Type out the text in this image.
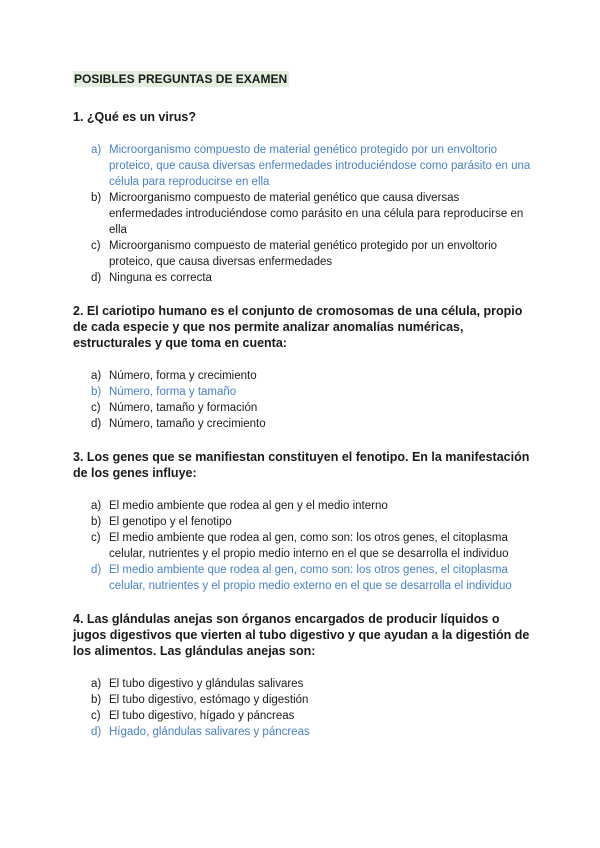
POSIBLES PREGUNTAS DE EXAMEN

1. ¿Qué es un virus?

a) Microorganismo compuesto de material genético protegido por un envoltorio proteico, que causa diversas enfermedades introduciéndose como parásito en una célula para reproducirse en ella
b) Microorganismo compuesto de material genético que causa diversas enfermedades introduciéndose como parásito en una célula para reproducirse en ella
c) Microorganismo compuesto de material genético protegido por un envoltorio proteico, que causa diversas enfermedades
d) Ninguna es correcta

2. El cariotipo humano es el conjunto de cromosomas de una célula, propio de cada especie y que nos permite analizar anomalías numéricas, estructurales y que toma en cuenta:

a) Número, forma y crecimiento
b) Número, forma y tamaño
c) Número, tamaño y formación
d) Número, tamaño y crecimiento

3. Los genes que se manifiestan constituyen el fenotipo. En la manifestación de los genes influye:

a) El medio ambiente que rodea al gen y el medio interno
b) El genotipo y el fenotipo
c) El medio ambiente que rodea al gen, como son: los otros genes, el citoplasma celular, nutrientes y el propio medio interno en el que se desarrolla el individuo
d) El medio ambiente que rodea al gen, como son: los otros genes, el citoplasma celular, nutrientes y el propio medio externo en el que se desarrolla el individuo

4. Las glándulas anejas son órganos encargados de producir líquidos o jugos digestivos que vierten al tubo digestivo y que ayudan a la digestión de los alimentos. Las glándulas anejas son:

a) El tubo digestivo y glándulas salivares
b) El tubo digestivo, estómago y digestión
c) El tubo digestivo, hígado y páncreas
d) Hígado, glándulas salivares y páncreas
